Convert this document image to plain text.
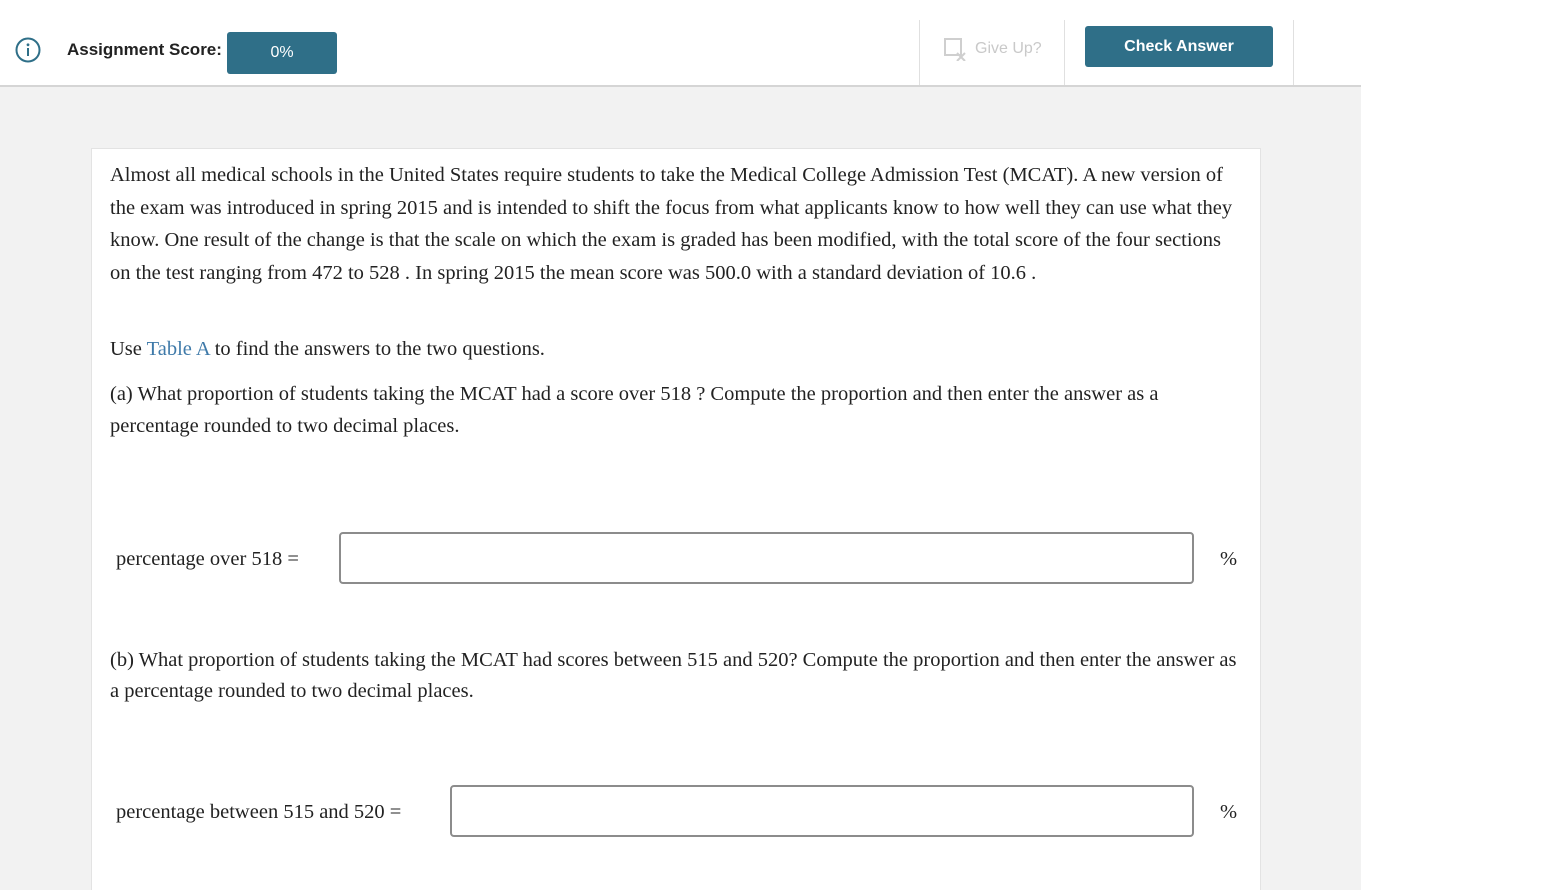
Assignment Score:	0%	Give Up?	Check Answer

Almost all medical schools in the United States require students to take the Medical College Admission Test (MCAT). A new version of the exam was introduced in spring 2015 and is intended to shift the focus from what applicants know to how well they can use what they know. One result of the change is that the scale on which the exam is graded has been modified, with the total score of the four sections on the test ranging from 472 to 528 . In spring 2015 the mean score was 500.0 with a standard deviation of 10.6 .

Use Table A to find the answers to the two questions.

(a) What proportion of students taking the MCAT had a score over 518 ? Compute the proportion and then enter the answer as a percentage rounded to two decimal places.

percentage over 518 =	%

(b) What proportion of students taking the MCAT had scores between 515 and 520? Compute the proportion and then enter the answer as a percentage rounded to two decimal places.

percentage between 515 and 520 =	%
